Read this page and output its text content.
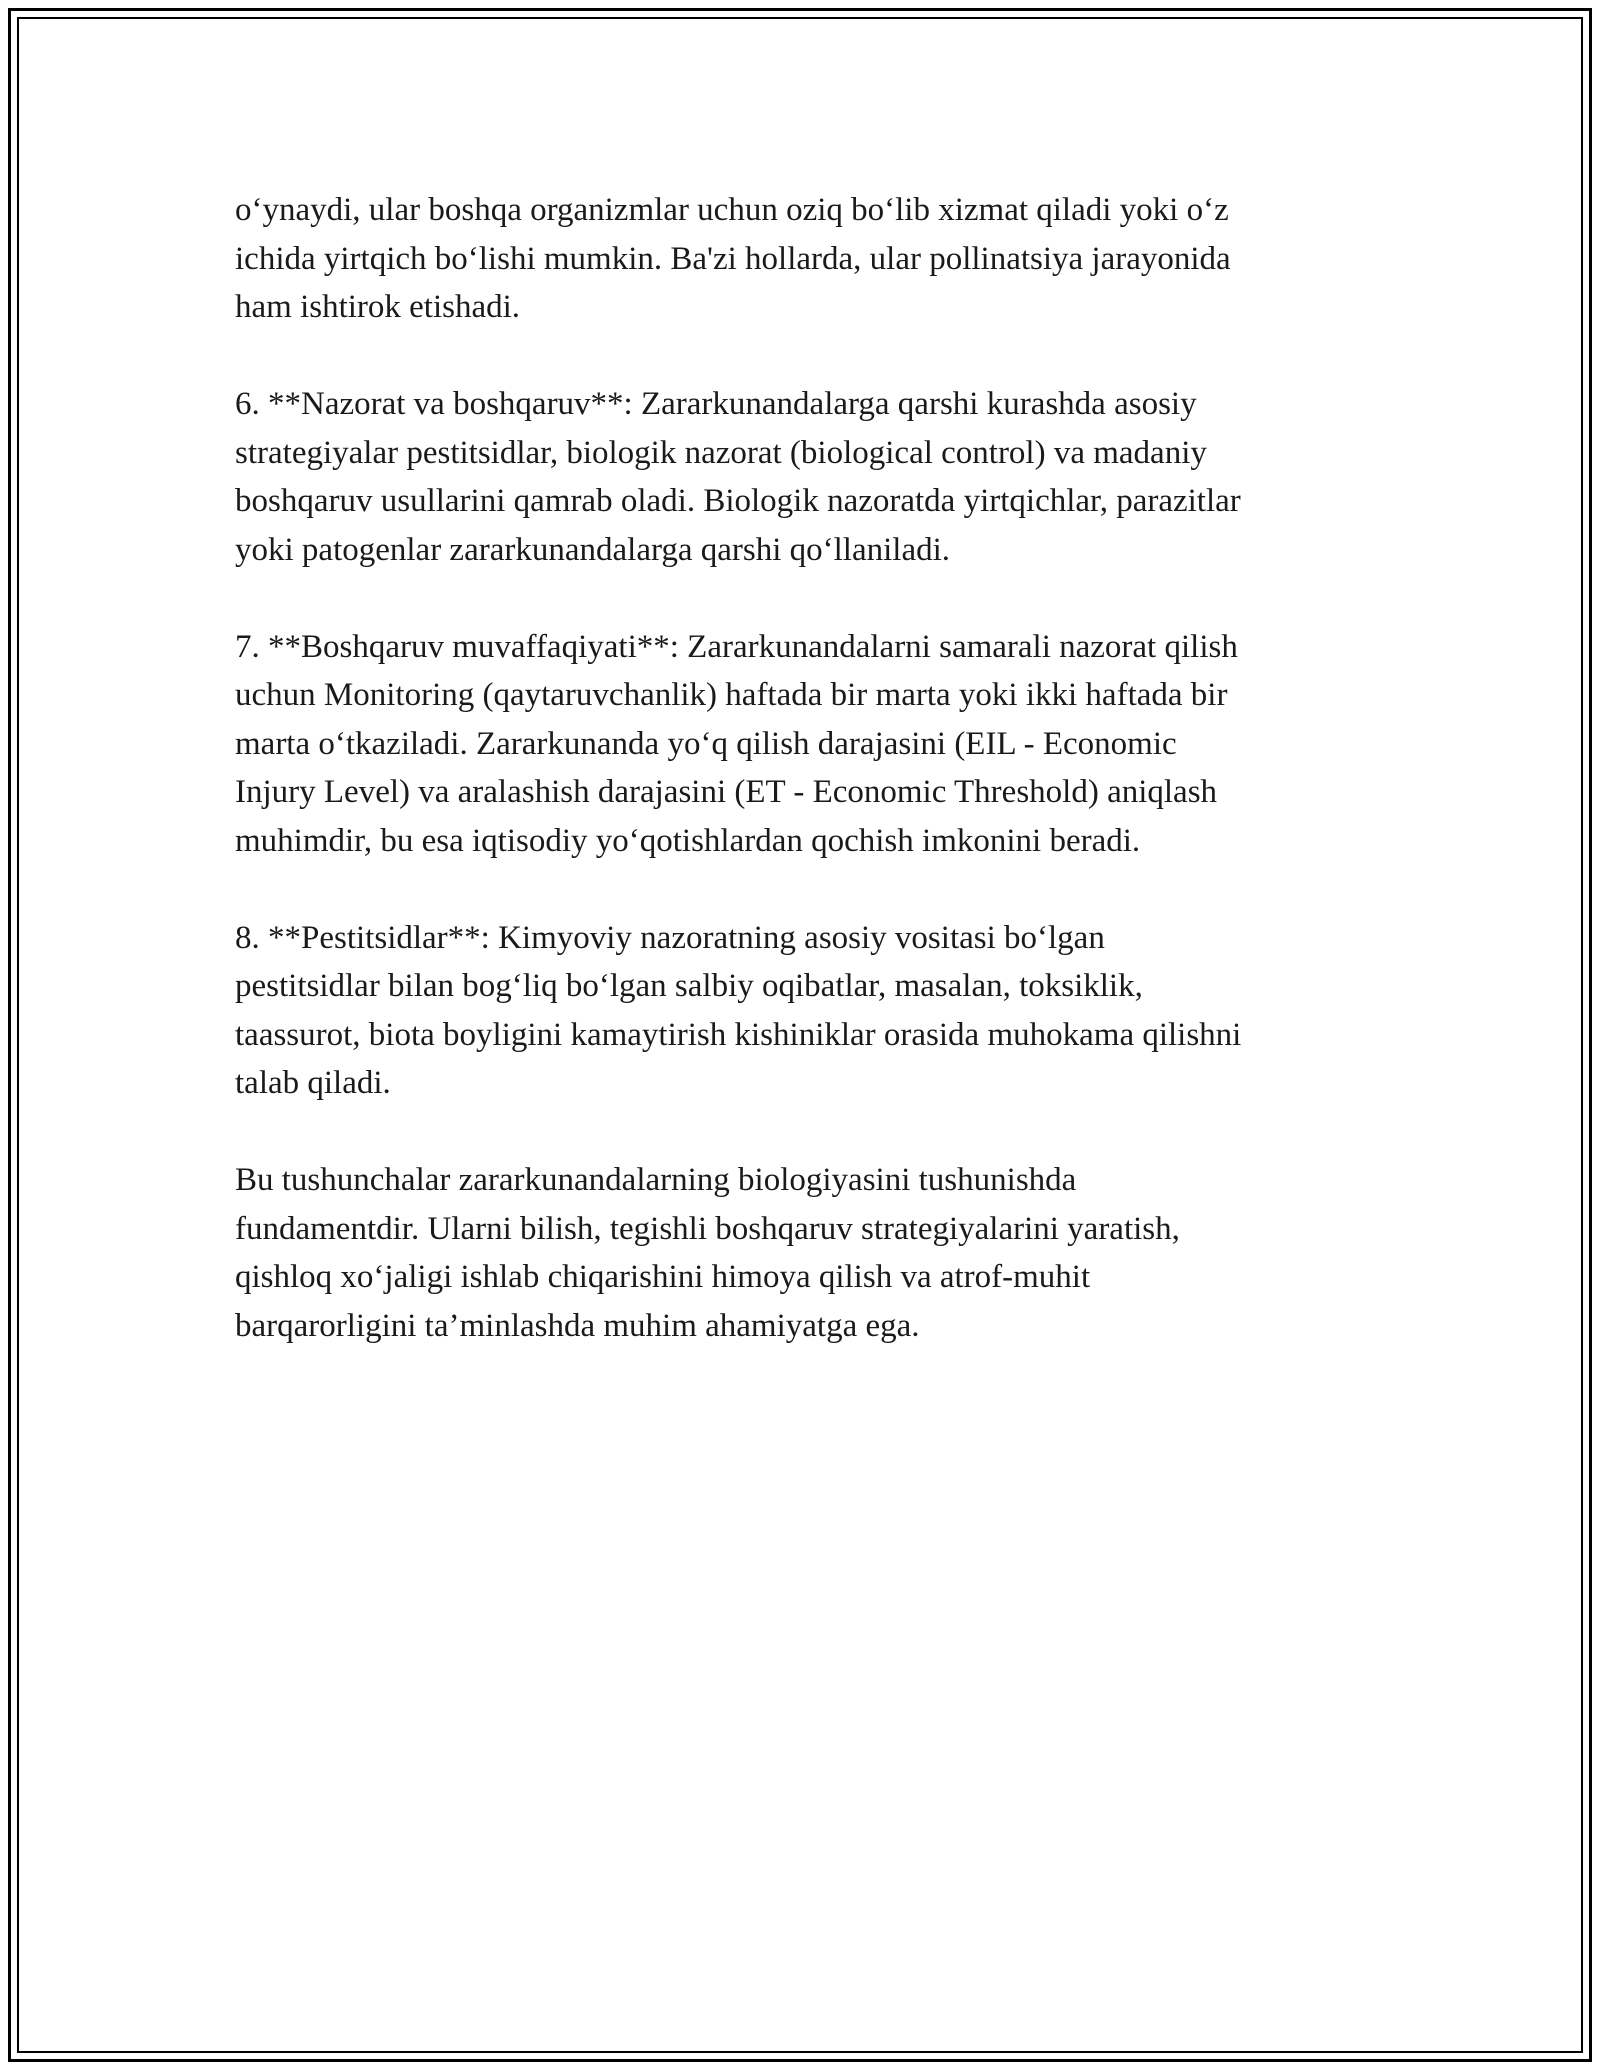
o‘ynaydi, ular boshqa organizmlar uchun oziq bo‘lib xizmat qiladi yoki o‘z
ichida yirtqich bo‘lishi mumkin. Ba'zi hollarda, ular pollinatsiya jarayonida
ham ishtirok etishadi.

6. **Nazorat va boshqaruv**: Zararkunandalarga qarshi kurashda asosiy
strategiyalar pestitsidlar, biologik nazorat (biological control) va madaniy
boshqaruv usullarini qamrab oladi. Biologik nazoratda yirtqichlar, parazitlar
yoki patogenlar zararkunandalarga qarshi qo‘llaniladi.

7. **Boshqaruv muvaffaqiyati**: Zararkunandalarni samarali nazorat qilish
uchun Monitoring (qaytaruvchanlik) haftada bir marta yoki ikki haftada bir
marta o‘tkaziladi. Zararkunanda yo‘q qilish darajasini (EIL - Economic
Injury Level) va aralashish darajasini (ET - Economic Threshold) aniqlash
muhimdir, bu esa iqtisodiy yo‘qotishlardan qochish imkonini beradi.

8. **Pestitsidlar**: Kimyoviy nazoratning asosiy vositasi bo‘lgan
pestitsidlar bilan bog‘liq bo‘lgan salbiy oqibatlar, masalan, toksiklik,
taassurot, biota boyligini kamaytirish kishiniklar orasida muhokama qilishni
talab qiladi.

Bu tushunchalar zararkunandalarning biologiyasini tushunishda
fundamentdir. Ularni bilish, tegishli boshqaruv strategiyalarini yaratish,
qishloq xo‘jaligi ishlab chiqarishini himoya qilish va atrof-muhit
barqarorligini ta’minlashda muhim ahamiyatga ega.
